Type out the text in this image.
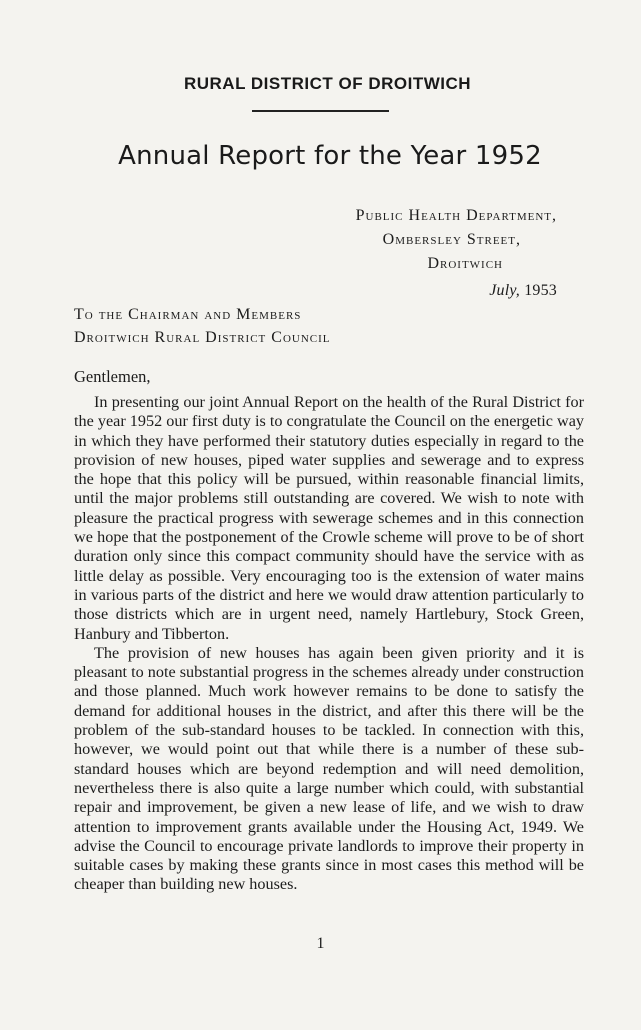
RURAL DISTRICT OF DROITWICH
Annual Report for the Year 1952
Public Health Department,
Ombersley Street,
Droitwich
July, 1953
To the Chairman and Members
Droitwich Rural District Council

Gentlemen,

In presenting our joint Annual Report on the health of the Rural District for the year 1952 our first duty is to congratulate the Council on the energetic way in which they have performed their statutory duties especially in regard to the provision of new houses, piped water supplies and sewerage and to express the hope that this policy will be pursued, within reasonable financial limits, until the major problems still outstanding are covered. We wish to note with pleasure the practical progress with sewerage schemes and in this connection we hope that the postponement of the Crowle scheme will prove to be of short duration only since this compact community should have the service with as little delay as possible. Very encouraging too is the extension of water mains in various parts of the district and here we would draw attention particularly to those districts which are in urgent need, namely Hartlebury, Stock Green, Hanbury and Tibberton.

The provision of new houses has again been given priority and it is pleasant to note substantial progress in the schemes already under construction and those planned. Much work however remains to be done to satisfy the demand for additional houses in the district, and after this there will be the problem of the sub-standard houses to be tackled. In connection with this, however, we would point out that while there is a number of these sub-standard houses which are beyond redemption and will need demolition, nevertheless there is also quite a large number which could, with substantial repair and improvement, be given a new lease of life, and we wish to draw attention to improvement grants available under the Housing Act, 1949. We advise the Council to encourage private landlords to improve their property in suitable cases by making these grants since in most cases this method will be cheaper than building new houses.

1
